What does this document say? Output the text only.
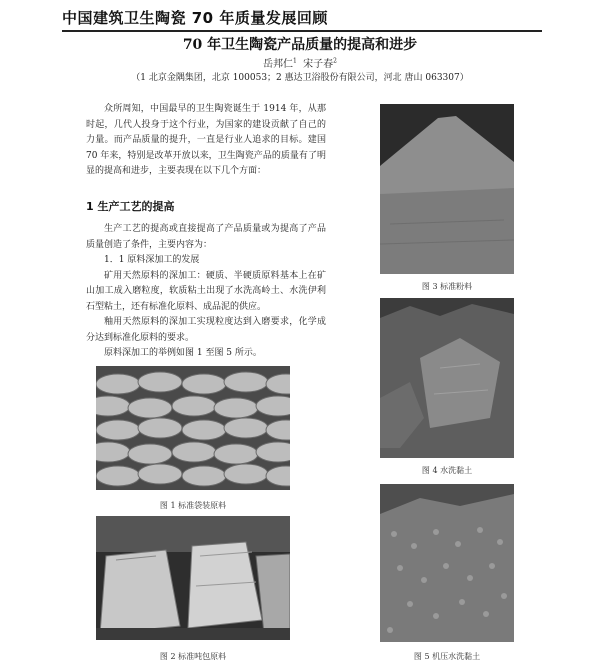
中国建筑卫生陶瓷 70 年质量发展回顾
70 年卫生陶瓷产品质量的提高和进步
岳邦仁$^1$ 宋子春$^2$
（1 北京金隅集团，北京 100053；2 惠达卫浴股份有限公司，河北 唐山 063307）

众所周知，中国最早的卫生陶瓷诞生于 1914 年，从那时起，几代人投身于这个行业，为国家的建设贡献了自己的力量。而产品质量的提升，一直是行业人追求的目标。建国 70 年来，特别是改革开放以来，卫生陶瓷产品的质量有了明显的提高和进步，主要表现在以下几个方面：

1 生产工艺的提高

生产工艺的提高或直接提高了产品质量或为提高了产品质量创造了条件，主要内容为：

1．1 原料深加工的发展

矿用天然原料的深加工：硬质、半硬质原料基本上在矿山加工成入磨粒度，软质粘土出现了水洗高岭土、水洗伊利石型粘土，还有标准化原料、成品泥的供应。

釉用天然原料的深加工实现粒度达到入磨要求，化学成分达到标准化原料的要求。

原料深加工的举例如图 1 至图 5 所示。

图 1 标准袋装原料
图 2 标准吨包原料
图 3 标准粉料
图 4 水洗黏土
图 5 机压水洗黏土
